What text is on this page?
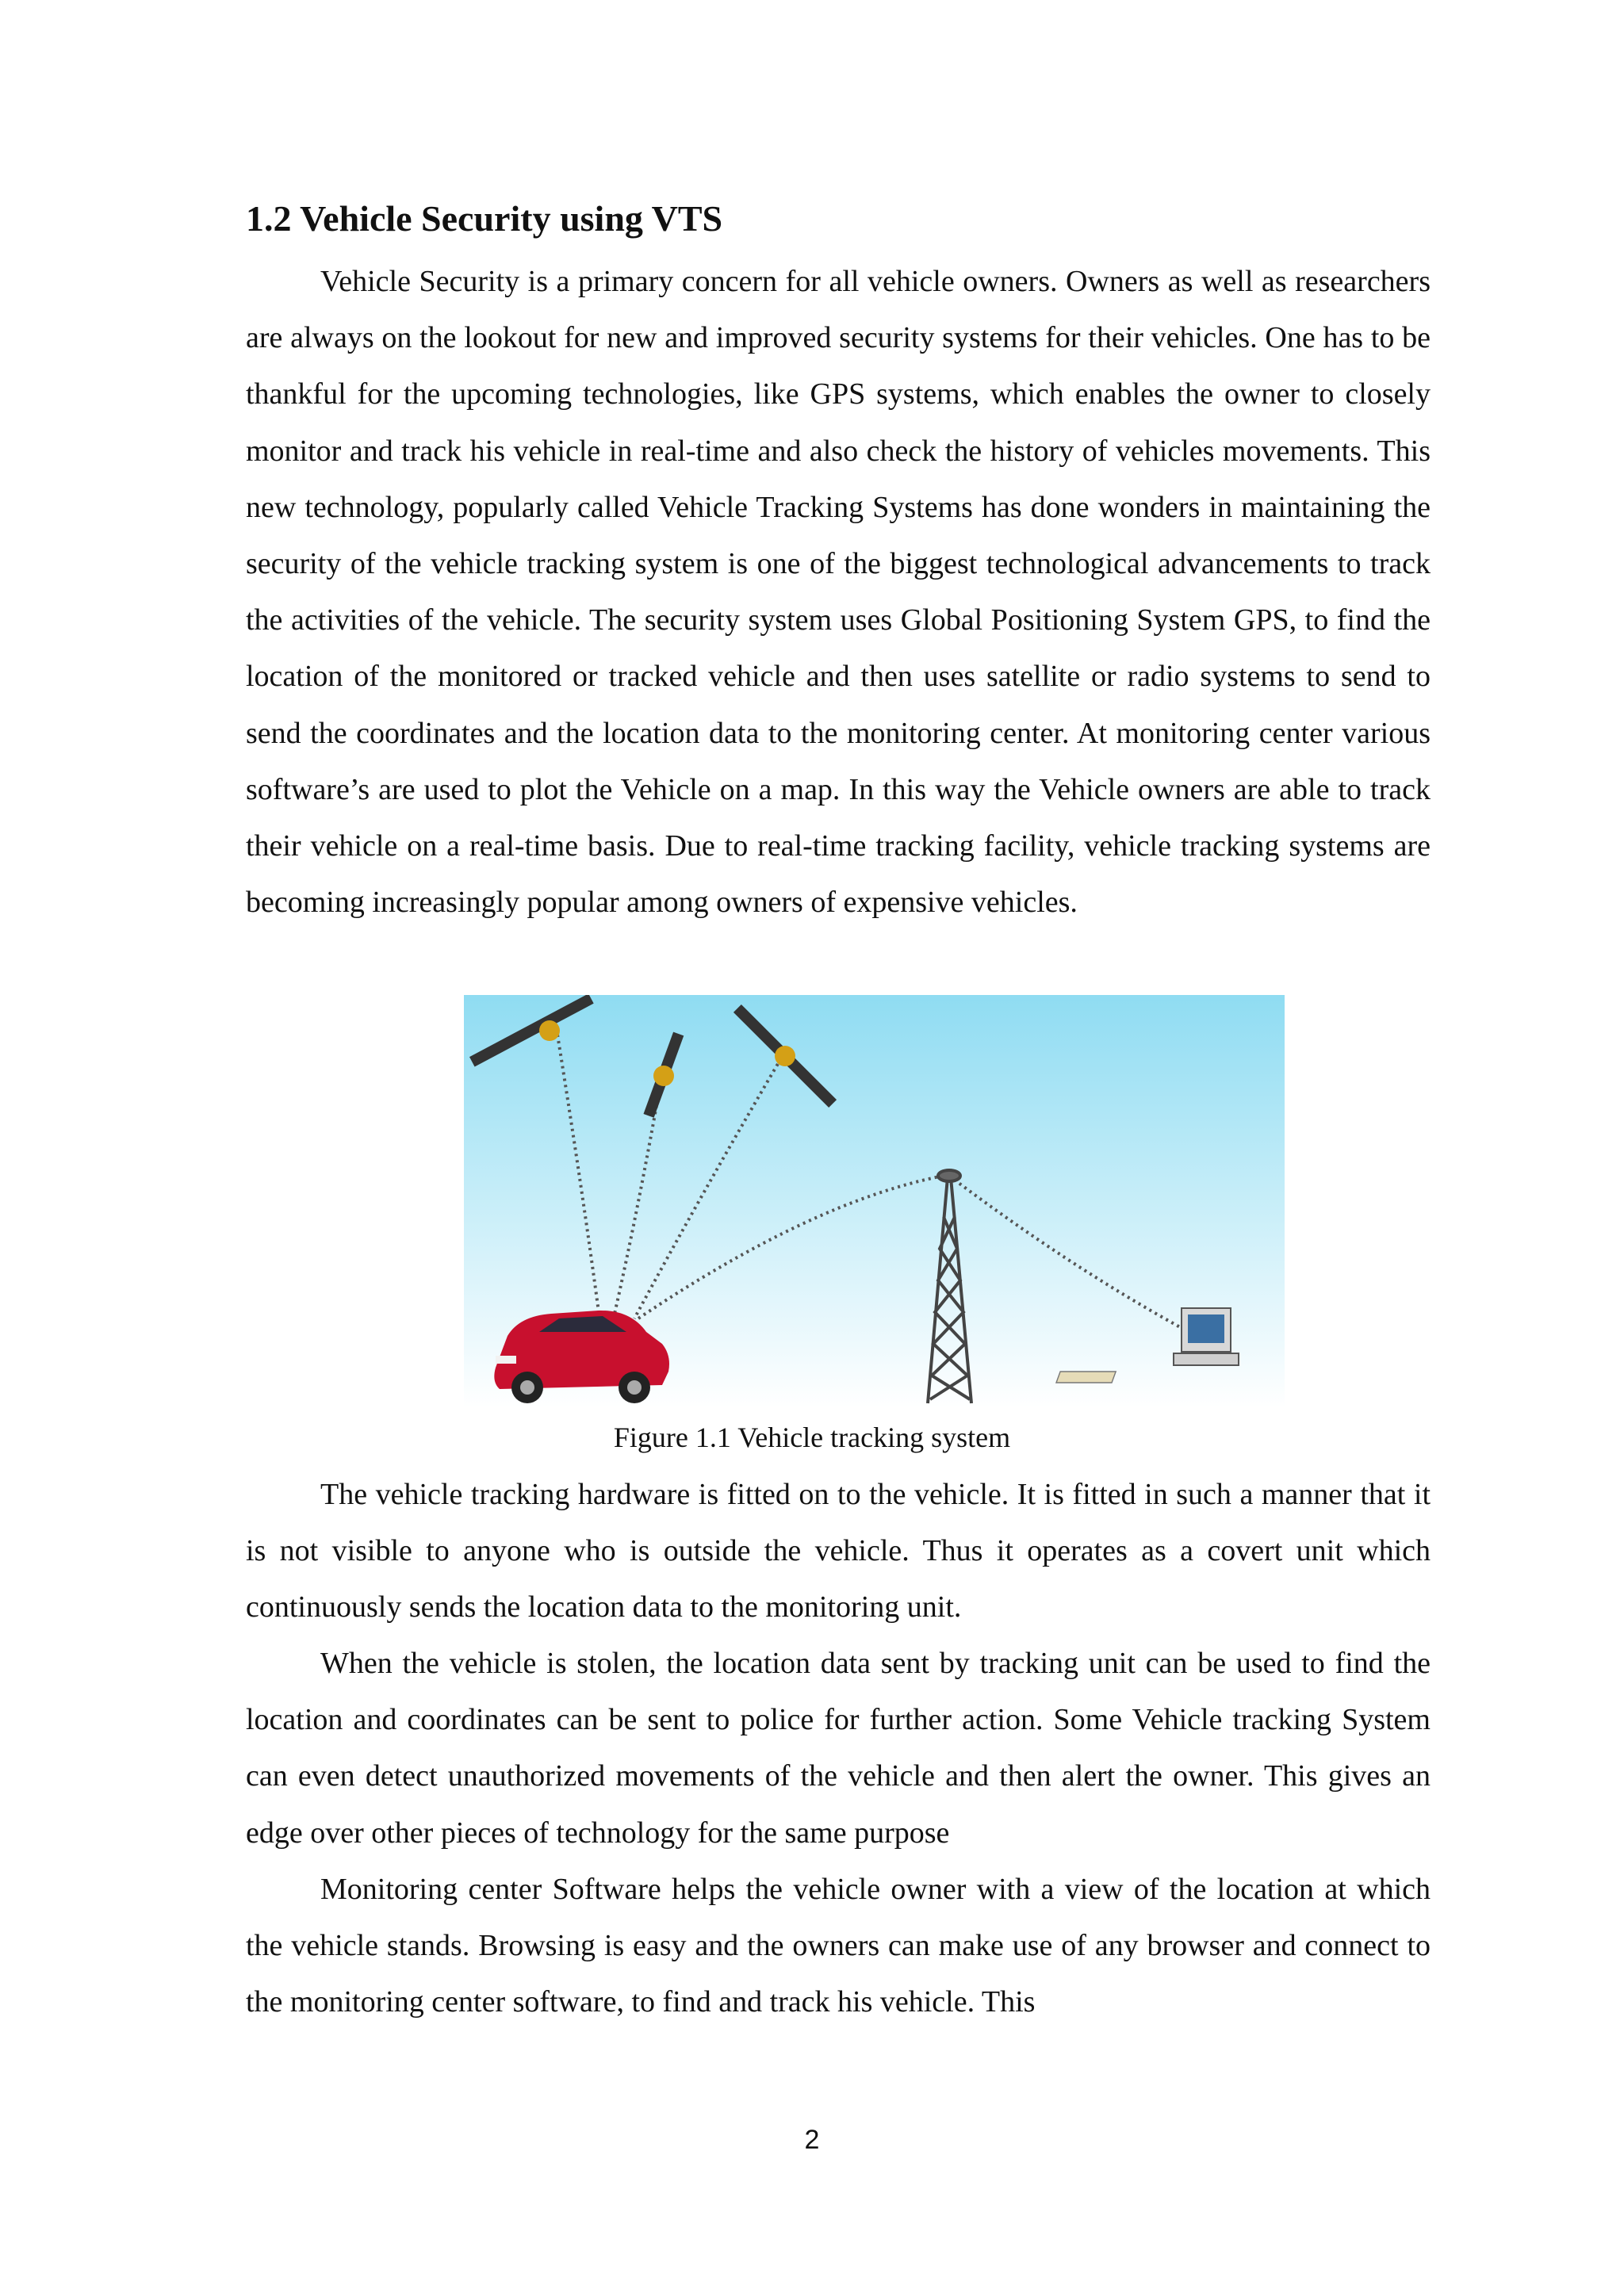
1.2 Vehicle Security using VTS

Vehicle Security is a primary concern for all vehicle owners. Owners as well as researchers are always on the lookout for new and improved security systems for their vehicles. One has to be thankful for the upcoming technologies, like GPS systems, which enables the owner to closely monitor and track his vehicle in real-time and also check the history of vehicles movements. This new technology, popularly called Vehicle Tracking Systems has done wonders in maintaining the security of the vehicle tracking system is one of the biggest technological advancements to track the activities of the vehicle. The security system uses Global Positioning System GPS, to find the location of the monitored or tracked vehicle and then uses satellite or radio systems to send to send the coordinates and the location data to the monitoring center. At monitoring center various software’s are used to plot the Vehicle on a map. In this way the Vehicle owners are able to track their vehicle on a real-time basis. Due to real-time tracking facility, vehicle tracking systems are becoming increasingly popular among owners of expensive vehicles.

Figure 1.1 Vehicle tracking system

The vehicle tracking hardware is fitted on to the vehicle. It is fitted in such a manner that it is not visible to anyone who is outside the vehicle. Thus it operates as a covert unit which continuously sends the location data to the monitoring unit.

When the vehicle is stolen, the location data sent by tracking unit can be used to find the location and coordinates can be sent to police for further action. Some Vehicle tracking System can even detect unauthorized movements of the vehicle and then alert the owner. This gives an edge over other pieces of technology for the same purpose

Monitoring center Software helps the vehicle owner with a view of the location at which the vehicle stands. Browsing is easy and the owners can make use of any browser and connect to the monitoring center software, to find and track his vehicle. This

2
